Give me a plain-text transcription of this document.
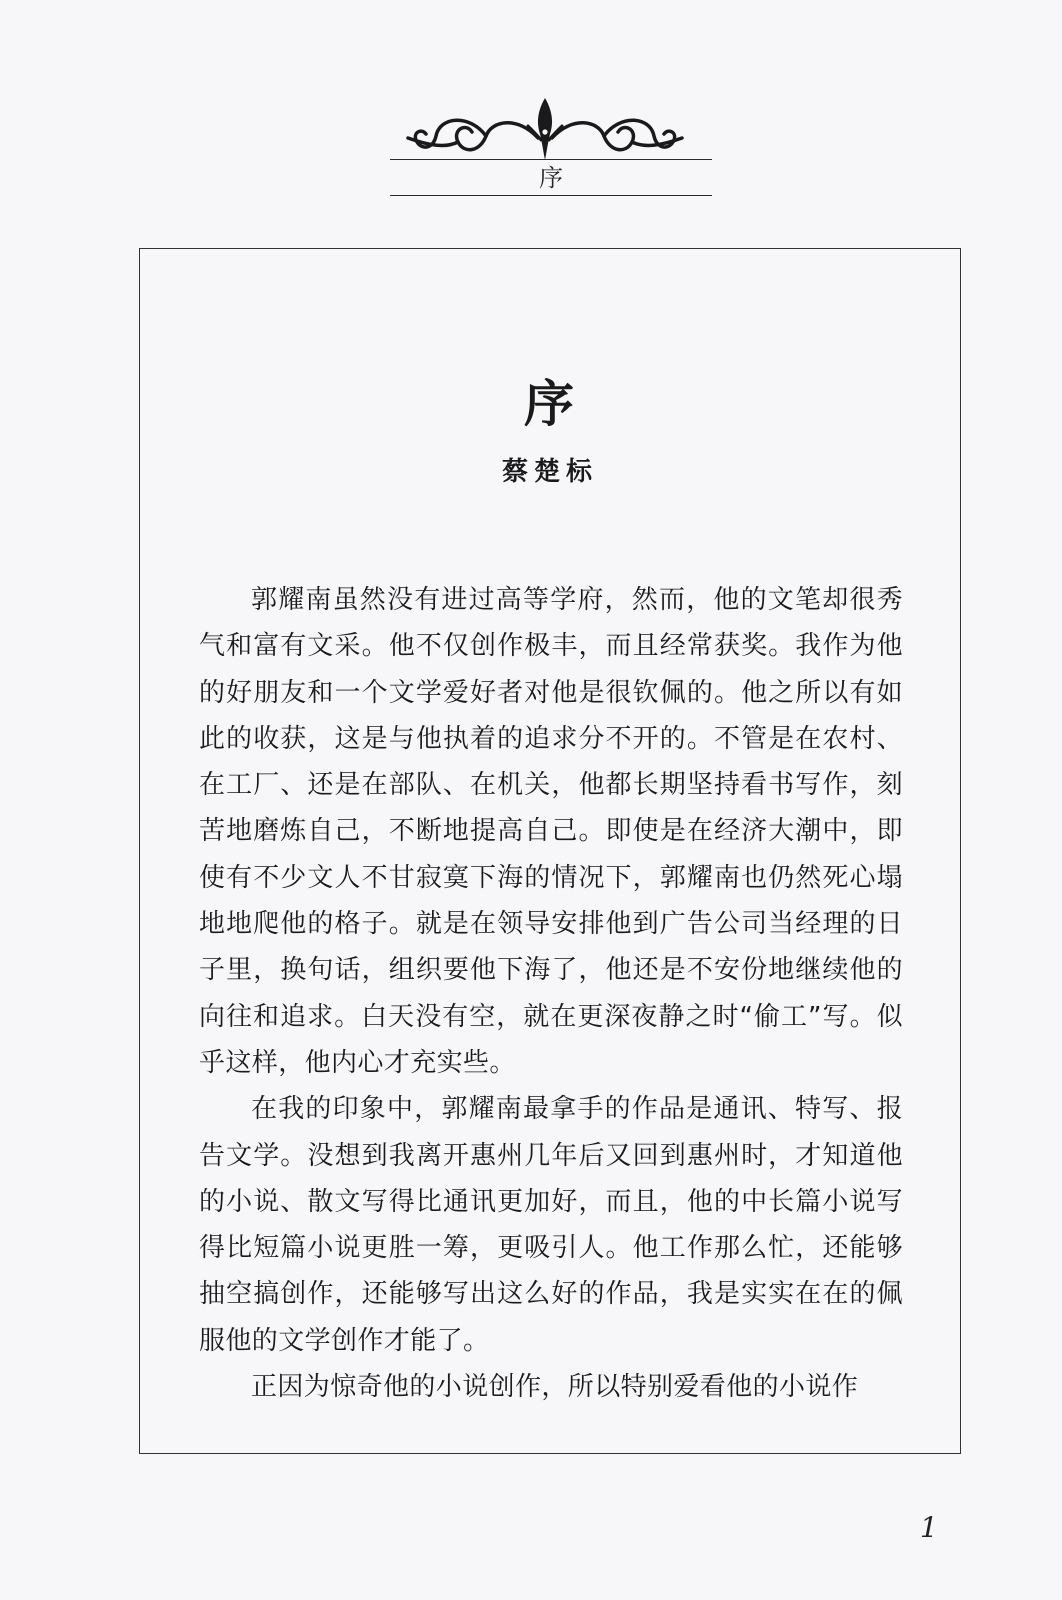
序
序
蔡楚标

郭耀南虽然没有进过高等学府，然而，他的文笔却很秀气和富有文采。他不仅创作极丰，而且经常获奖。我作为他的好朋友和一个文学爱好者对他是很钦佩的。他之所以有如此的收获，这是与他执着的追求分不开的。不管是在农村、在工厂、还是在部队、在机关，他都长期坚持看书写作，刻苦地磨炼自己，不断地提高自己。即使是在经济大潮中，即使有不少文人不甘寂寞下海的情况下，郭耀南也仍然死心塌地地爬他的格子。就是在领导安排他到广告公司当经理的日子里，换句话，组织要他下海了，他还是不安份地继续他的向往和追求。白天没有空，就在更深夜静之时“偷工”写。似乎这样，他内心才充实些。

在我的印象中，郭耀南最拿手的作品是通讯、特写、报告文学。没想到我离开惠州几年后又回到惠州时，才知道他的小说、散文写得比通讯更加好，而且，他的中长篇小说写得比短篇小说更胜一筹，更吸引人。他工作那么忙，还能够抽空搞创作，还能够写出这么好的作品，我是实实在在的佩服他的文学创作才能了。

正因为惊奇他的小说创作，所以特别爱看他的小说作

1
